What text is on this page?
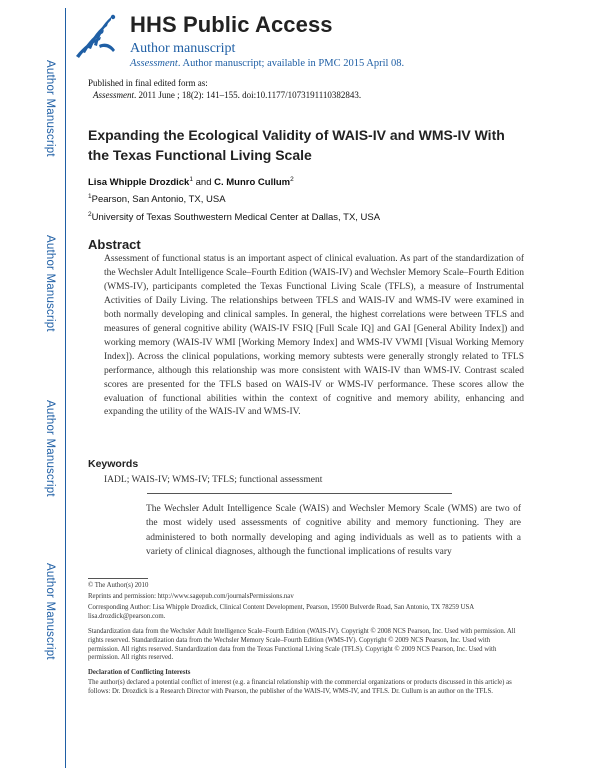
Author Manuscript
Author Manuscript
Author Manuscript
Author Manuscript
HHS Public Access
Author manuscript
Assessment. Author manuscript; available in PMC 2015 April 08.
Published in final edited form as:
Assessment. 2011 June ; 18(2): 141–155. doi:10.1177/1073191110382843.
Expanding the Ecological Validity of WAIS-IV and WMS-IV With the Texas Functional Living Scale
Lisa Whipple Drozdick$^1$ and C. Munro Cullum$^2$
$^1$Pearson, San Antonio, TX, USA
$^2$University of Texas Southwestern Medical Center at Dallas, TX, USA
Abstract
Assessment of functional status is an important aspect of clinical evaluation. As part of the standardization of the Wechsler Adult Intelligence Scale–Fourth Edition (WAIS-IV) and Wechsler Memory Scale–Fourth Edition (WMS-IV), participants completed the Texas Functional Living Scale (TFLS), a measure of Instrumental Activities of Daily Living. The relationships between TFLS and WAIS-IV and WMS-IV were examined in both normally developing and clinical samples. In general, the highest correlations were between TFLS and measures of general cognitive ability (WAIS-IV FSIQ [Full Scale IQ] and GAI [General Ability Index]) and working memory (WAIS-IV WMI [Working Memory Index] and WMS-IV VWMI [Visual Working Memory Index]). Across the clinical populations, working memory subtests were generally strongly related to TFLS performance, although this relationship was more consistent with WAIS-IV than WMS-IV. Contrast scaled scores are presented for the TFLS based on WAIS-IV or WMS-IV performance. These scores allow the evaluation of functional abilities within the context of cognitive and memory ability, enhancing and expanding the utility of the WAIS-IV and WMS-IV.
Keywords
IADL; WAIS-IV; WMS-IV; TFLS; functional assessment
The Wechsler Adult Intelligence Scale (WAIS) and Wechsler Memory Scale (WMS) are two of the most widely used assessments of cognitive ability and memory functioning. They are administered to both normally developing and aging individuals as well as to patients with a variety of clinical diagnoses, although the functional implications of results vary
© The Author(s) 2010
Reprints and permission: http://www.sagepub.com/journalsPermissions.nav
Corresponding Author: Lisa Whipple Drozdick, Clinical Content Development, Pearson, 19500 Bulverde Road, San Antonio, TX 78259 USA lisa.drozdick@pearson.com.
Standardization data from the Wechsler Adult Intelligence Scale–Fourth Edition (WAIS-IV). Copyright © 2008 NCS Pearson, Inc. Used with permission. All rights reserved. Standardization data from the Wechsler Memory Scale–Fourth Edition (WMS-IV). Copyright © 2009 NCS Pearson, Inc. Used with permission. All rights reserved. Standardization data from the Texas Functional Living Scale (TFLS). Copyright © 2009 NCS Pearson, Inc. Used with permission. All rights reserved.
Declaration of Conflicting Interests
The author(s) declared a potential conflict of interest (e.g. a financial relationship with the commercial organizations or products discussed in this article) as follows: Dr. Drozdick is a Research Director with Pearson, the publisher of the WAIS-IV, WMS-IV, and TFLS. Dr. Cullum is an author on the TFLS.
